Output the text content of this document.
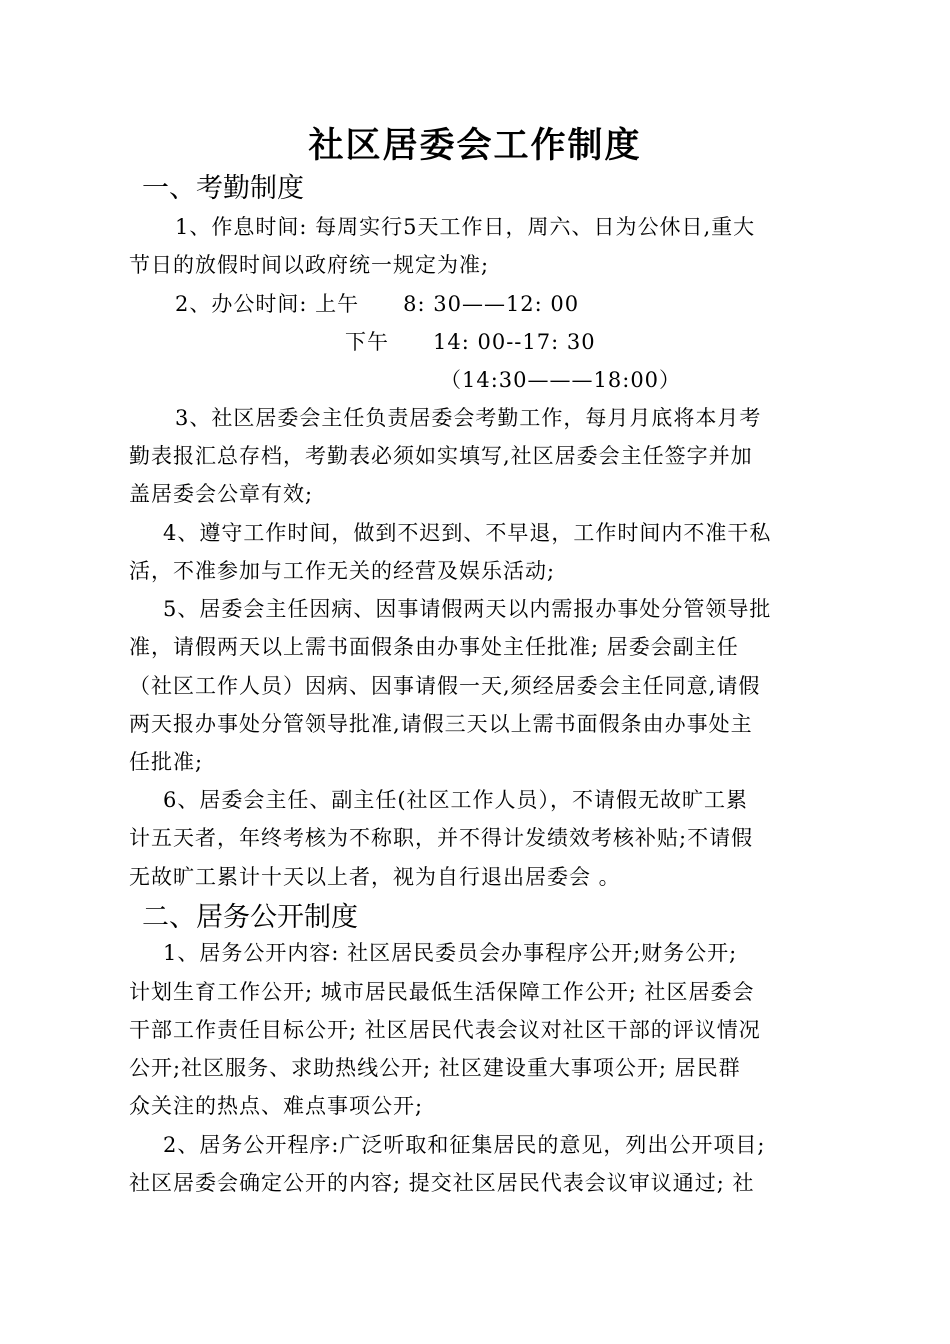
社区居委会工作制度
一、考勤制度
1、作息时间: 每周实行5天工作日，周六、日为公休日,重大
节日的放假时间以政府统一规定为准;
2、办公时间: 上午　　8: 30——12: 00
下午　　14: 00--17: 30
（14:30———18:00）
3、社区居委会主任负责居委会考勤工作，每月月底将本月考
勤表报汇总存档，考勤表必须如实填写,社区居委会主任签字并加
盖居委会公章有效;
4、遵守工作时间，做到不迟到、不早退，工作时间内不准干私
活，不准参加与工作无关的经营及娱乐活动;
5、居委会主任因病、因事请假两天以内需报办事处分管领导批
准，请假两天以上需书面假条由办事处主任批准; 居委会副主任
（社区工作人员）因病、因事请假一天,须经居委会主任同意,请假
两天报办事处分管领导批准,请假三天以上需书面假条由办事处主
任批准;
6、居委会主任、副主任(社区工作人员），不请假无故旷工累
计五天者，年终考核为不称职，并不得计发绩效考核补贴;不请假
无故旷工累计十天以上者，视为自行退出居委会 。
二、居务公开制度
1、居务公开内容: 社区居民委员会办事程序公开;财务公开;
计划生育工作公开; 城市居民最低生活保障工作公开; 社区居委会
干部工作责任目标公开; 社区居民代表会议对社区干部的评议情况
公开;社区服务、求助热线公开; 社区建设重大事项公开; 居民群
众关注的热点、难点事项公开;
2、居务公开程序:广泛听取和征集居民的意见，列出公开项目;
社区居委会确定公开的内容; 提交社区居民代表会议审议通过; 社
